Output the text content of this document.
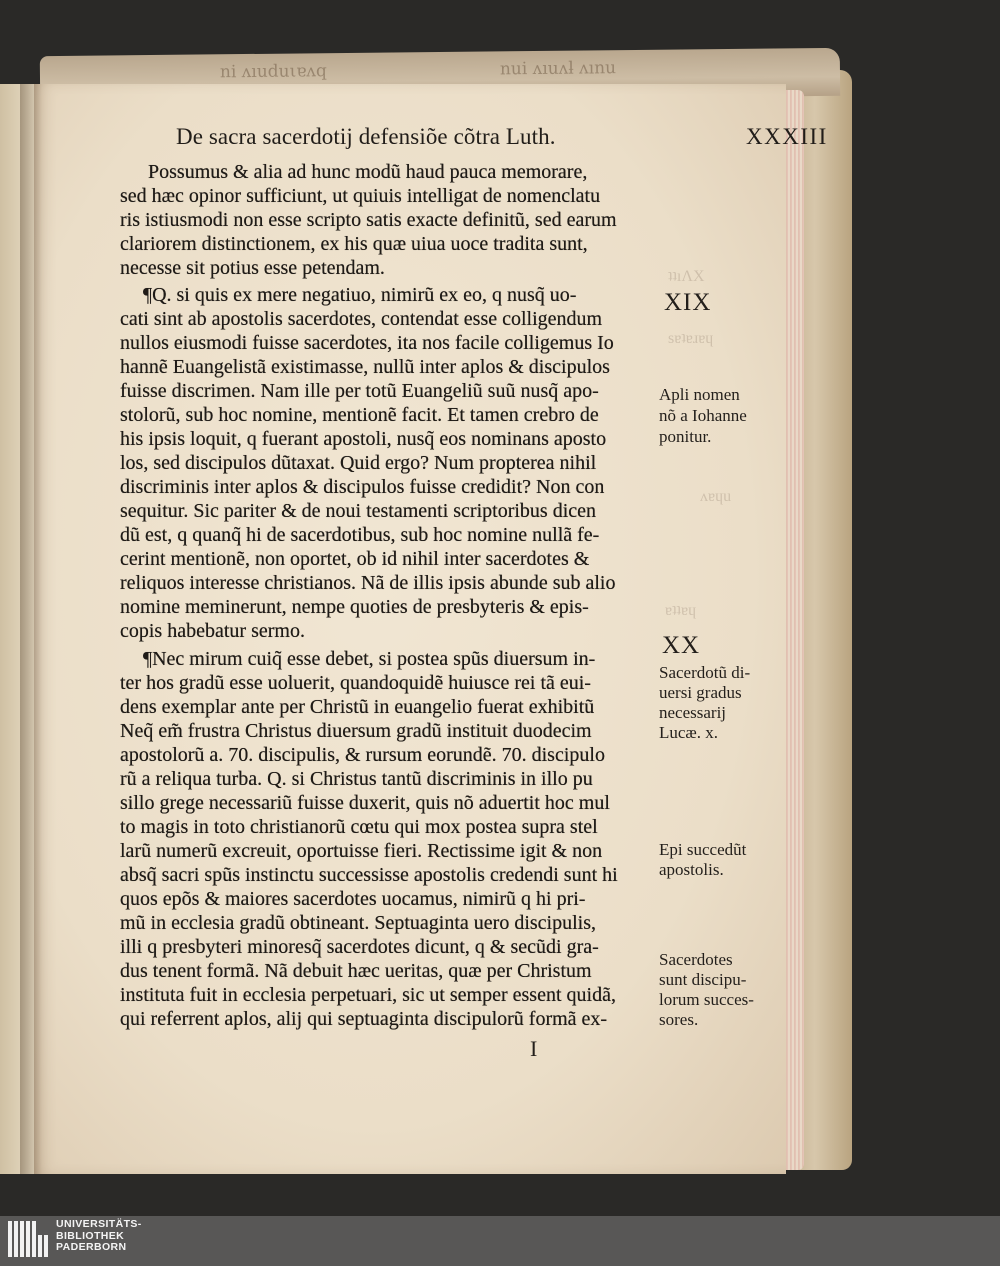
ni ʌıuduιɐʌq	nui ʌıuʌƚ ʌınu
ʇʇıΛΧ
sɐʇɐɹɐɥ
ʌɐɥu
ɐʇʇɐɥ
De sacra sacerdotij defensiõe cõtra Luth.	XXXIII
Possumus & alia ad hunc modũ haud pauca memorare,
sed hæc opinor sufficiunt, ut quiuis intelligat de nomenclatu
ris istiusmodi non esse scripto satis exacte definitũ, sed earum
clariorem distinctionem, ex his quæ uiua uoce tradita sunt,
necesse sit potius esse petendam.
¶Q. si quis ex mere negatiuo, nimirũ ex eo, q nusq̃ uo-
cati sint ab apostolis sacerdotes, contendat esse colligendum
nullos eiusmodi fuisse sacerdotes, ita nos facile colligemus Io
hannẽ Euangelistã existimasse, nullũ inter aplos & discipulos
fuisse discrimen. Nam ille per totũ Euangeliũ suũ nusq̃ apo-
stolorũ, sub hoc nomine, mentionẽ facit. Et tamen crebro de
his ipsis loquit, q fuerant apostoli, nusq̃ eos nominans aposto
los, sed discipulos dũtaxat. Quid ergo? Num propterea nihil
discriminis inter aplos & discipulos fuisse credidit? Non con
sequitur. Sic pariter & de noui testamenti scriptoribus dicen
dũ est, q quanq̃ hi de sacerdotibus, sub hoc nomine nullã fe-
cerint mentionẽ, non oportet, ob id nihil inter sacerdotes &
reliquos interesse christianos. Nã de illis ipsis abunde sub alio
nomine meminerunt, nempe quoties de presbyteris & epis-
copis habebatur sermo.
¶Nec mirum cuiq̃ esse debet, si postea spũs diuersum in-
ter hos gradũ esse uoluerit, quandoquidẽ huiusce rei tã eui-
dens exemplar ante per Christũ in euangelio fuerat exhibitũ
Neq̃ em̃ frustra Christus diuersum gradũ instituit duodecim
apostolorũ a. 70. discipulis, & rursum eorundẽ. 70. discipulo
rũ a reliqua turba. Q. si Christus tantũ discriminis in illo pu
sillo grege necessariũ fuisse duxerit, quis nõ aduertit hoc mul
to magis in toto christianorũ cœtu qui mox postea supra stel
larũ numerũ excreuit, oportuisse fieri. Rectissime igit & non
absq̃ sacri spũs instinctu successisse apostolis credendi sunt hi
quos epõs & maiores sacerdotes uocamus, nimirũ q hi pri-
mũ in ecclesia gradũ obtineant. Septuaginta uero discipulis,
illi q presbyteri minoresq̃ sacerdotes dicunt, q & secũdi gra-
dus tenent formã. Nã debuit hæc ueritas, quæ per Christum
instituta fuit in ecclesia perpetuari, sic ut semper essent quidã,
qui referrent aplos, alij qui septuaginta discipulorũ formã ex-
XIX
Apli nomen
nõ a Iohanne
ponitur.
XX
Sacerdotũ di-
uersi gradus
necessarij
Lucæ. x.
Epi succedũt
apostolis.
Sacerdotes
sunt discipu-
lorum succes-
sores.
I
UNIVERSITÄTS-
BIBLIOTHEK
PADERBORN
